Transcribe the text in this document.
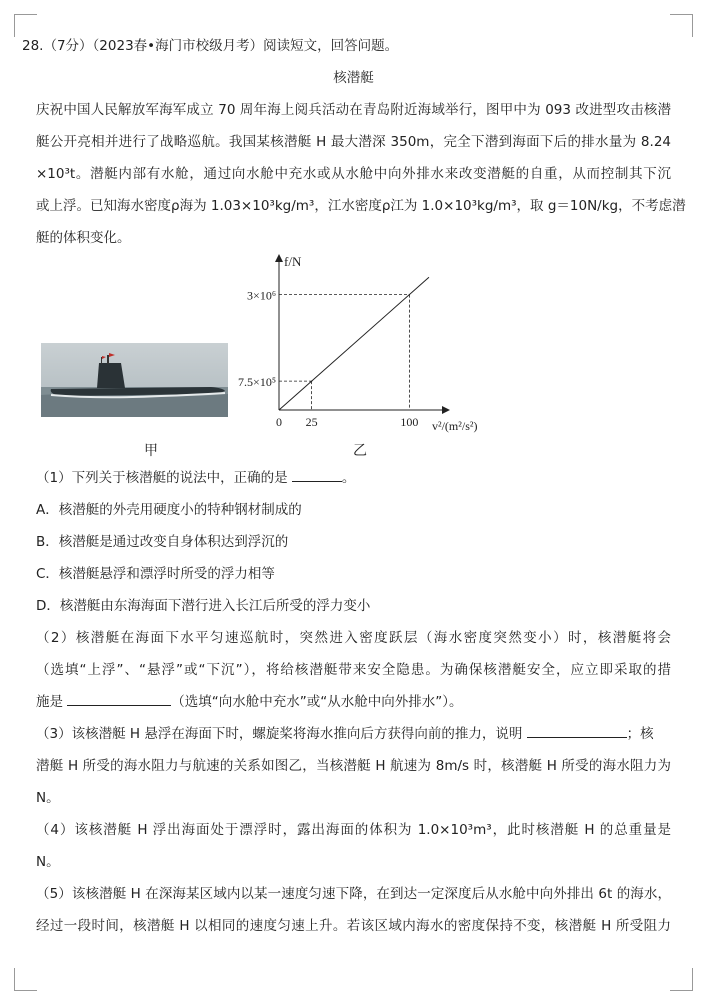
28.（7分）（2023春•海门市校级月考）阅读短文，回答问题。
核潜艇
庆祝中国人民解放军海军成立 70 周年海上阅兵活动在青岛附近海域举行，图甲中为 093 改进型攻击核潜
艇公开亮相并进行了战略巡航。我国某核潜艇 H 最大潜深 350m，完全下潜到海面下后的排水量为 8.24
×10³t。潜艇内部有水舱，通过向水舱中充水或从水舱中向外排水来改变潜艇的自重，从而控制其下沉
或上浮。已知海水密度ρ海为 1.03×10³kg/m³，江水密度ρ江为 1.0×10³kg/m³，取 g＝10N/kg，不考虑潜
艇的体积变化。
f/N
v²/(m²/s²)
0 25	100
7.5×10⁵
3×10⁶
甲	乙
（1）下列关于核潜艇的说法中，正确的是	。
A．核潜艇的外壳用硬度小的特种钢材制成的
B．核潜艇是通过改变自身体积达到浮沉的
C．核潜艇悬浮和漂浮时所受的浮力相等
D．核潜艇由东海海面下潜行进入长江后所受的浮力变小
（2）核潜艇在海面下水平匀速巡航时，突然进入密度跃层（海水密度突然变小）时，核潜艇将会
（选填“上浮”、“悬浮”或“下沉”），将给核潜艇带来安全隐患。为确保核潜艇安全，应立即采取的措
施是	（选填“向水舱中充水”或“从水舱中向外排水”）。
（3）该核潜艇 H 悬浮在海面下时，螺旋桨将海水推向后方获得向前的推力，说明	；核
潜艇 H 所受的海水阻力与航速的关系如图乙，当核潜艇 H 航速为 8m/s 时，核潜艇 H 所受的海水阻力为
N。
（4）该核潜艇 H 浮出海面处于漂浮时，露出海面的体积为 1.0×10³m³，此时核潜艇 H 的总重量是
N。
（5）该核潜艇 H 在深海某区域内以某一速度匀速下降，在到达一定深度后从水舱中向外排出 6t 的海水，
经过一段时间，核潜艇 H 以相同的速度匀速上升。若该区域内海水的密度保持不变，核潜艇 H 所受阻力
